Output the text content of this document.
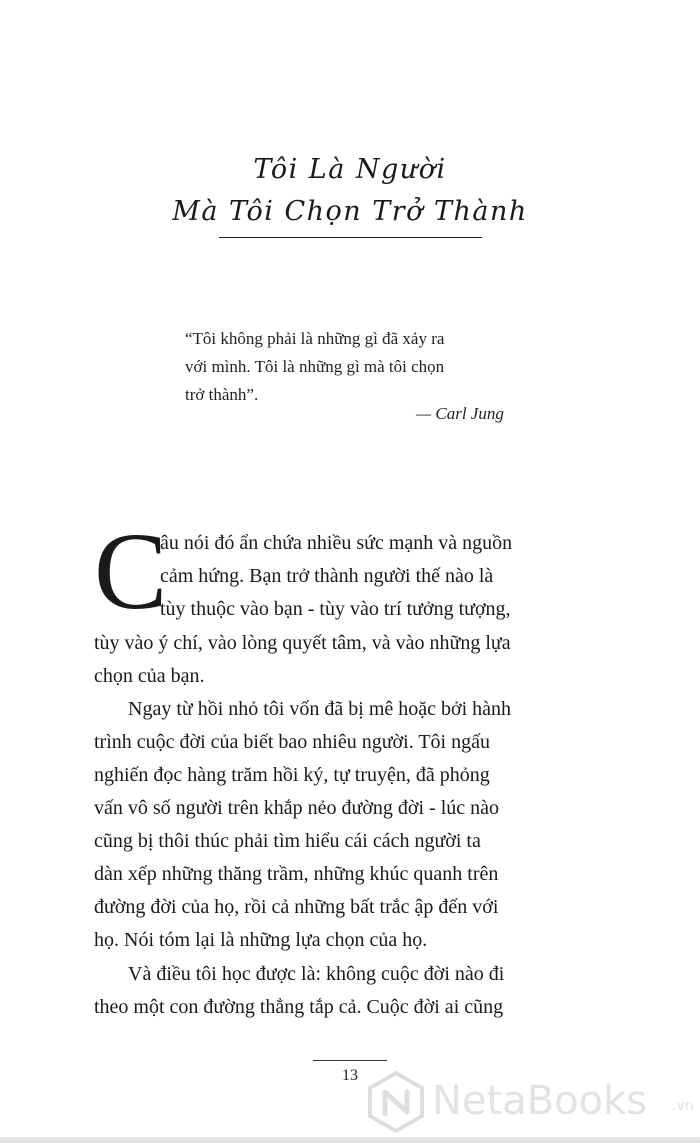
Tôi Là Người
Mà Tôi Chọn Trở Thành
“Tôi không phải là những gì đã xảy ra
với mình. Tôi là những gì mà tôi chọn
trở thành”.
— Carl Jung
C
âu nói đó ẩn chứa nhiều sức mạnh và nguồn
cảm hứng. Bạn trở thành người thế nào là
tùy thuộc vào bạn - tùy vào trí tưởng tượng,
tùy vào ý chí, vào lòng quyết tâm, và vào những lựa
chọn của bạn.
Ngay từ hồi nhỏ tôi vốn đã bị mê hoặc bởi hành
trình cuộc đời của biết bao nhiêu người. Tôi ngấu
nghiến đọc hàng trăm hồi ký, tự truyện, đã phỏng
vấn vô số người trên khắp nẻo đường đời - lúc nào
cũng bị thôi thúc phải tìm hiểu cái cách người ta
dàn xếp những thăng trầm, những khúc quanh trên
đường đời của họ, rồi cả những bất trắc ập đến với
họ. Nói tóm lại là những lựa chọn của họ.
Và điều tôi học được là: không cuộc đời nào đi
theo một con đường thẳng tắp cả. Cuộc đời ai cũng
13
NetaBooks .vn
